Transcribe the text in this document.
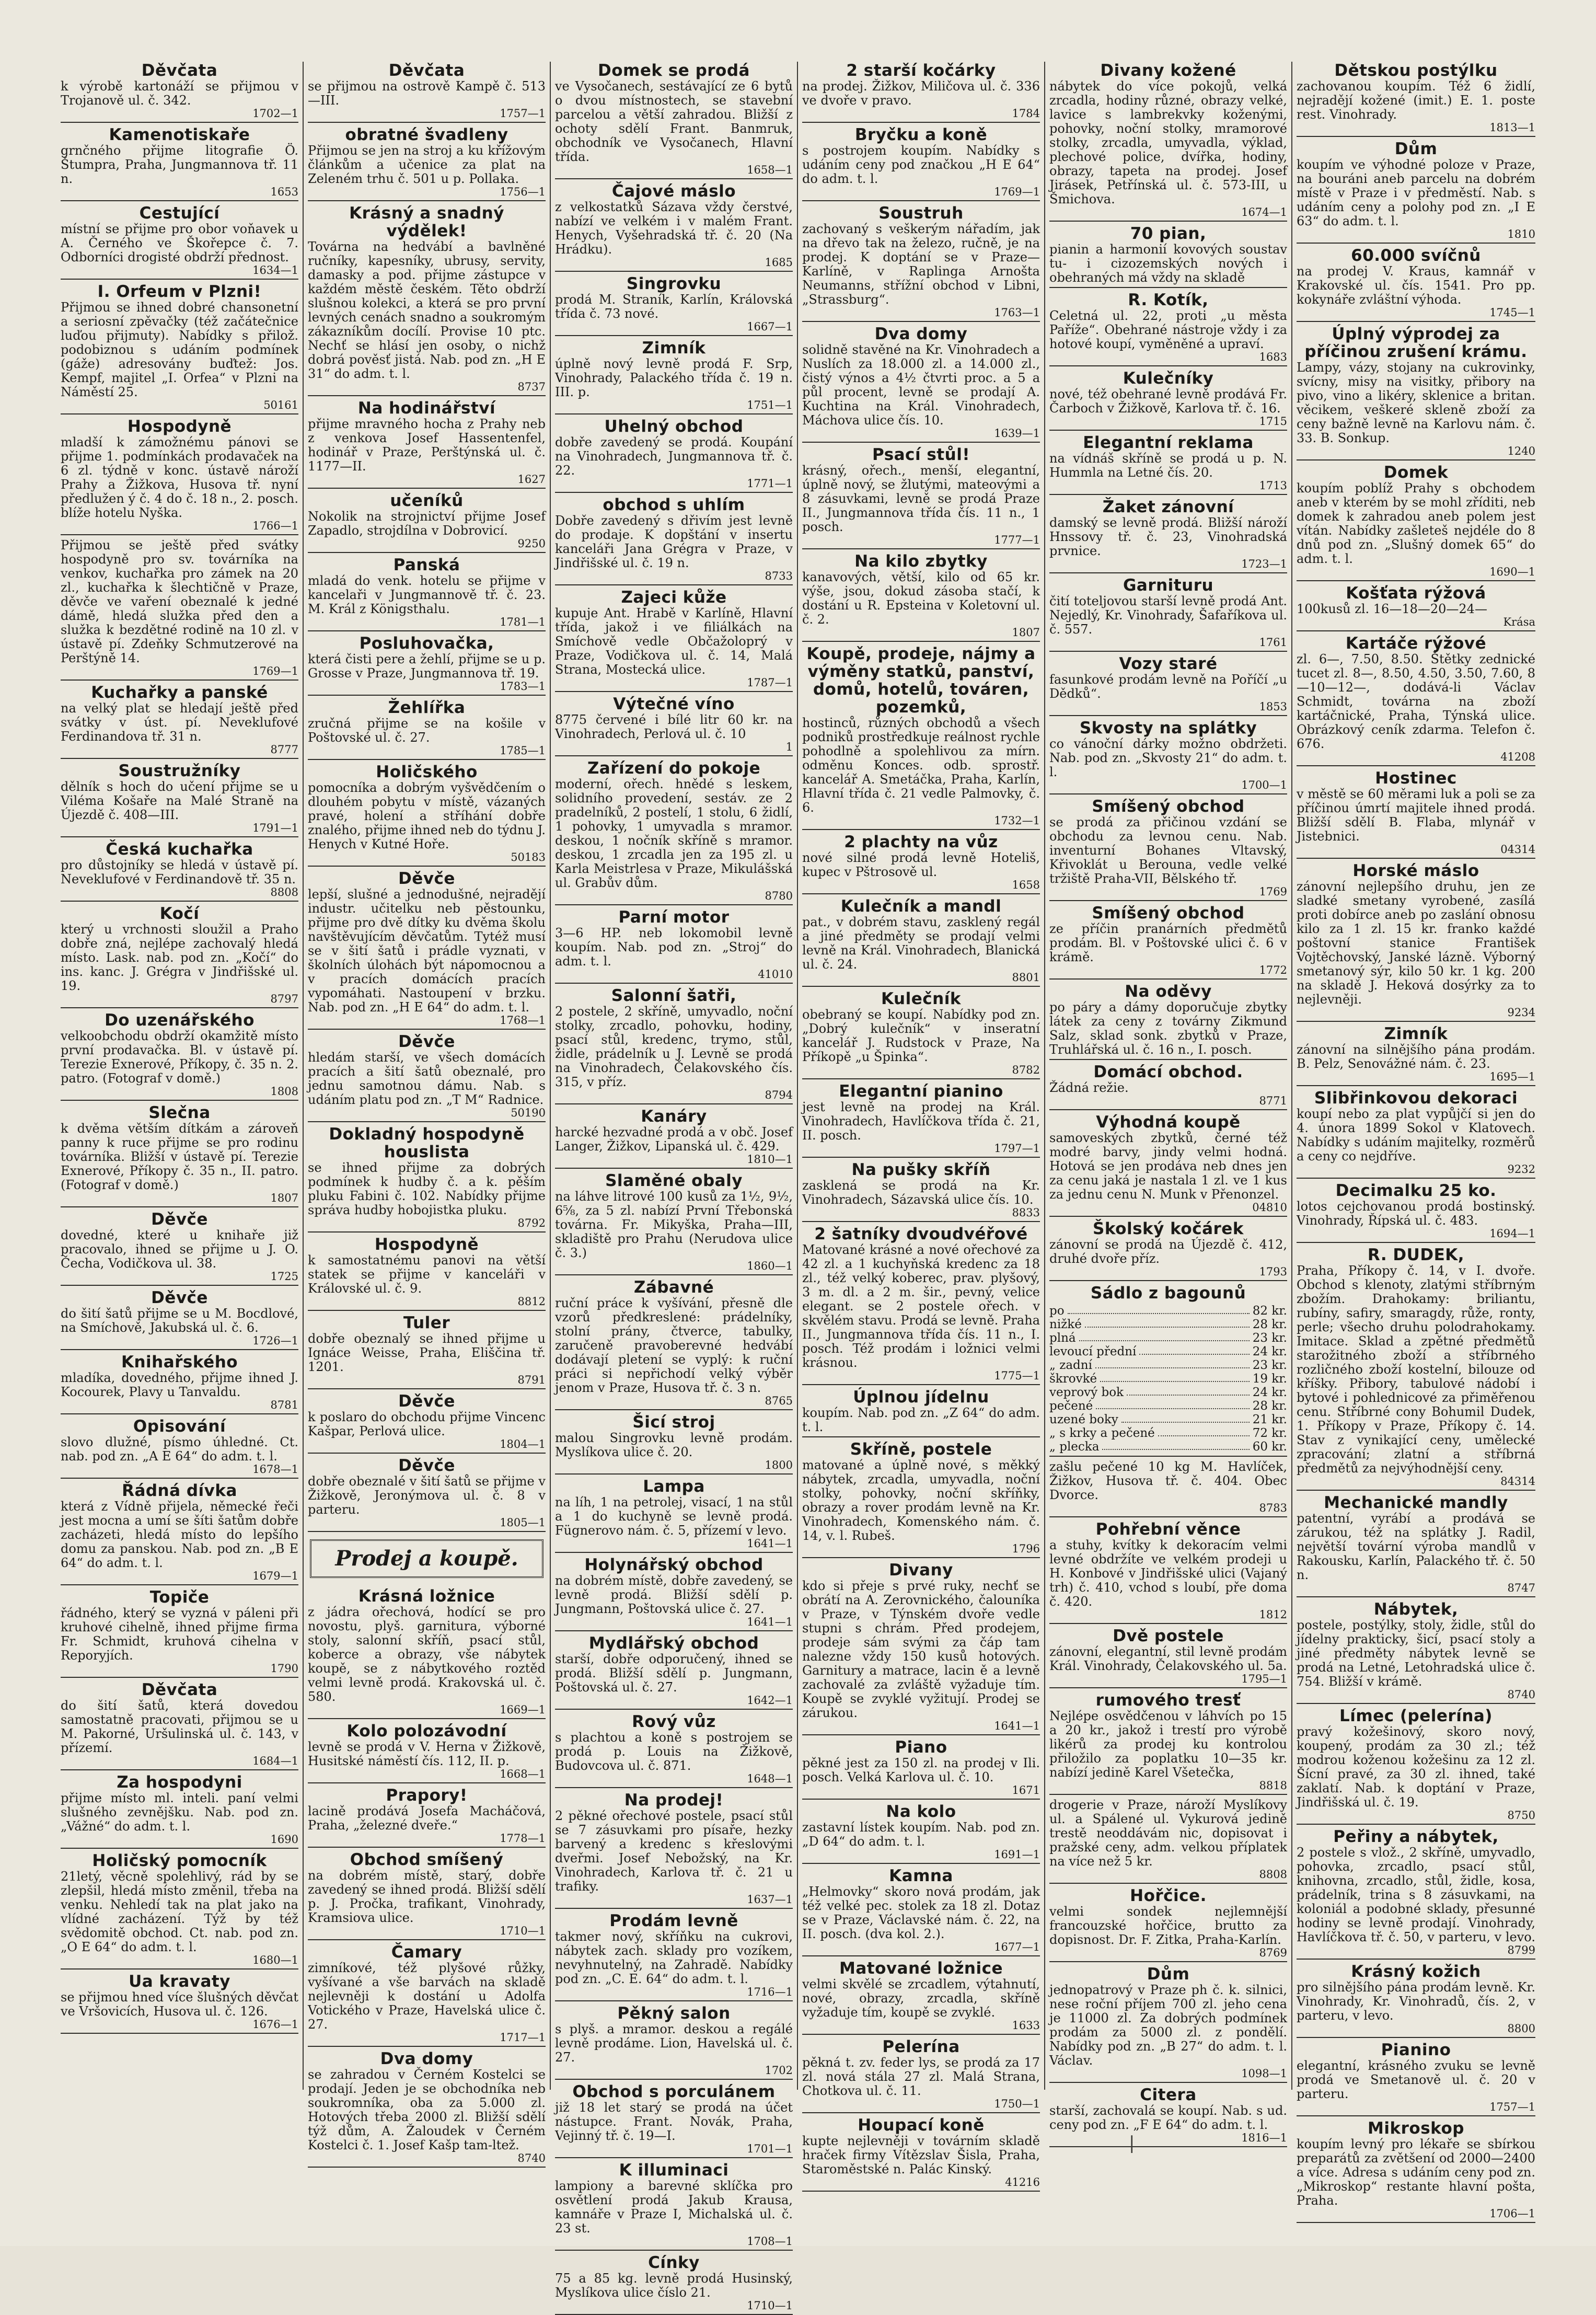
Děvčata
k výrobě kartonáží se přijmou v Trojanově ul. č. 342.
1702—1
Kamenotiskaře
grnčného přijme litografie Ö. Štumpra, Praha, Jungmannova tř. 11 n.
1653
Cestující
místní se přijme pro obor voňavek u A. Černého ve Škořepce č. 7. Odborníci drogisté obdrží přednost.
1634—1
I. Orfeum v Plzni!
Přijmou se ihned dobré chansonetní a seriosní zpěvačky (též začátečnice luďou přijmuty). Nabídky s přilož. podobiznou s udáním podmínek (gáže) adresovány buďtež: Jos. Kempf, majitel „I. Orfea“ v Plzni na Náměstí 25.
50161
Hospodyně
mladší k zámožnému pánovi se přijme 1. podmínkách prodavaček na 6 zl. týdně v konc. ústavě nároží Prahy a Žižkova, Husova tř. nyní předlužen ý č. 4 do č. 18 n., 2. posch. blíže hotelu Nyška.
1766—1
Přijmou se ještě před svátky hospodyně pro sv. továrníka na venkov, kuchařka pro zámek na 20 zl., kuchařka k šlechtičně v Praze, děvče ve vaření obeznalé k jedné dámě, hledá služka před den a služka k bezdětné rodině na 10 zl. v ústavě pí. Zdeňky Schmutzerové na Perštýně 14.
1769—1
Kuchařky a panské
na velký plat se hledají ještě před svátky v úst. pí. Neveklufové Ferdinandova tř. 31 n.
8777
Soustružníky
dělník s hoch do učení přijme se u Viléma Košaře na Malé Straně na Újezdě č. 408—III.
1791—1
Česká kuchařka
pro důstojníky se hledá v ústavě pí. Neveklufové v Ferdinandově tř. 35 n.
8808
Kočí
který u vrchnosti sloužil a Praho dobře zná, nejlépe zachovalý hledá místo. Lask. nab. pod zn. „Kočí“ do ins. kanc. J. Grégra v Jindřišské ul. 19.
8797
Do uzenářského
velkoobchodu obdrží okamžitě místo první prodavačka. Bl. v ústavě pí. Terezie Exnerové, Příkopy, č. 35 n. 2. patro. (Fotograf v domě.)
1808
Slečna
k dvěma větším dítkám a zároveň panny k ruce přijme se pro rodinu továrníka. Bližší v ústavě pí. Terezie Exnerové, Příkopy č. 35 n., II. patro. (Fotograf v domě.)
1807
Děvče
dovedné, které u knihaře již pracovalo, ihned se přijme u J. O. Čecha, Vodičkova ul. 38.
1725
Děvče
do šití šatů přijme se u M. Bocdlové, na Smíchově, Jakubská ul. č. 6.
1726—1
Knihařského
mladíka, dovedného, přijme ihned J. Kocourek, Plavy u Tanvaldu.
8781
Opisování
slovo dlužné, písmo úhledné. Ct. nab. pod zn. „A E 64“ do adm. t. l.
1678—1
Řádná dívka
která z Vídně přijela, německé řeči jest mocna a umí se šíti šatům dobře zacházeti, hledá místo do lepšího domu za panskou. Nab. pod zn. „B E 64“ do adm. t. l.
1679—1
Topiče
řádného, který se vyzná v páleni při kruhové cihelně, ihned přijme firma Fr. Schmidt, kruhová cihelna v Reporyjích.
1790
Děvčata
do šití šatů, která dovedou samostatně pracovati, přijmou se u M. Pakorné, Uršulinská ul. č. 143, v přízemí.
1684—1
Za hospodyni
přijme místo ml. inteli. paní velmi slušného zevnějšku. Nab. pod zn. „Vážné“ do adm. t. l.
1690
Holičský pomocník
21letý, věcně spolehlivý, rád by se zlepšil, hledá místo změnil, třeba na venku. Nehledí tak na plat jako na vlídné zacházení. Týž by též svědomitě obchod. Ct. nab. pod zn. „O E 64“ do adm. t. l.
1680—1
Ua kravaty
se přijmou hned více šlušných děvčat ve Vršovicích, Husova ul. č. 126.
1676—1
Děvčata
se přijmou na ostrově Kampě č. 513—III.
1757—1
obratné švadleny
Přijmou se jen na stroj a ku křížovým článkům a učenice za plat na Zeleném trhu č. 501 u p. Pollaka.
1756—1
Krásný a snadný výdělek!
Továrna na hedvábí a bavlněné ručníky, kapesníky, ubrusy, servity, damasky a pod. přijme zástupce v každém městě českém. Těto obdrží slušnou kolekci, a která se pro první levných cenách snadno a soukromým zákazníkům docílí. Provise 10 ptc. Nechť se hlásí jen osoby, o nichž dobrá pověsť jistá. Nab. pod zn. „H E 31“ do adm. t. l.
8737
Na hodinářství
přijme mravného hocha z Prahy neb z venkova Josef Hassentenfel, hodinář v Praze, Perštýnská ul. č. 1177—II.
1627
učeníků
Nokolik na strojnictví přijme Josef Zapadlo, strojdílna v Dobrovicí.
9250
Panská
mladá do venk. hotelu se přijme v kancelaři v Jungmannově tř. č. 23. M. Král z Königsthalu.
1781—1
Posluhovačka,
která čisti pere a žehlí, přijme se u p. Grosse v Praze, Jungmannova tř. 19.
1783—1
Žehlířka
zručná přijme se na košile v Poštovské ul. č. 27.
1785—1
Holičského
pomocníka a dobrým vyšvědčením o dlouhém pobytu v místě, vázaných pravé, holení a stříhání dobře znalého, přijme ihned neb do týdnu J. Henych v Kutné Hoře.
50183
Děvče
lepší, slušné a jednodušné, nejradějí industr. učitelku neb pěstounku, přijme pro dvě dítky ku dvěma školu navštěvujícím děvčatům. Tytéž musí se v šití šatů i prádle vyznati, v školních úlohách být nápomocnou a v pracích domácích pracích vypomáhati. Nastoupení v brzku. Nab. pod zn. „H E 64“ do adm. t. l.
1768—1
Děvče
hledám starší, ve všech domácích pracích a šití šatů obeznalé, pro jednu samotnou dámu. Nab. s udáním platu pod zn. „T M“ Radnice.
50190
Dokladný hospodyně houslista
se ihned přijme za dobrých podmínek k hudby č. a k. pěším pluku Fabini č. 102. Nabídky přijme správa hudby hobojistka pluku.
8792
Hospodyně
k samostatnému panovi na větší statek se přijme v kanceláři v Královské ul. č. 9.
8812
Tuler
dobře obeznalý se ihned přijme u Ignáce Weisse, Praha, Eliščina tř. 1201.
8791
Děvče
k poslaro do obchodu přijme Vincenc Kašpar, Perlová ulice.
1804—1
Děvče
dobře obeznalé v šití šatů se přijme v Žižkově, Jeronýmova ul. č. 8 v parteru.
1805—1
Prodej a koupě.
Krásná ložnice
z jádra ořechová, hodící se pro novostu, plyš. garnitura, výborné stoly, salonní skříň, psací stůl, koberce a obrazy, vše nábytek koupě, se z nábytkového roztěd velmi levně prodá. Krakovská ul. č. 580.
1669—1
Kolo polozávodní
levně se prodá v V. Herna v Žižkově, Husitské náměstí čís. 112, II. p.
1668—1
Prapory!
lacině prodává Josefa Macháčová, Praha, „železné dveře.“
1778—1
Obchod smíšený
na dobrém místě, starý, dobře zavedený se ihned prodá. Bližší sdělí p. J. Pročka, trafikant, Vinohrady, Kramsiova ulice.
1710—1
Čamary
zimníkové, též plyšové růžky, vyšívané a vše barvách na skladě nejlevněji k dostání u Adolfa Votického v Praze, Havelská ulice č. 27.
1717—1
Dva domy
se zahradou v Černém Kostelci se prodají. Jeden je se obchodníka neb soukromníka, oba za 5.000 zl. Hotových třeba 2000 zl. Bližší sdělí týž dům, A. Žaloudek v Černém Kostelci č. 1. Josef Kašp tam-ltež.
8740
Domek se prodá
ve Vysočanech, sestávající ze 6 bytů o dvou místnostech, se stavební parcelou a větší zahradou. Bližší z ochoty sdělí Frant. Banmruk, obchodník ve Vysočanech, Hlavní třída.
1658—1
Čajové máslo
z velkostatků Sázava vždy čerstvé, nabízí ve velkém i v malém Frant. Henych, Vyšehradská tř. č. 20 (Na Hrádku).
1685
Singrovku
prodá M. Straník, Karlín, Královská třída č. 73 nové.
1667—1
Zimník
úplně nový levně prodá F. Srp, Vinohrady, Palackého třída č. 19 n. III. p.
1751—1
Uhelný obchod
dobře zavedený se prodá. Koupání na Vinohradech, Jungmannova tř. č. 22.
1771—1
obchod s uhlím
Dobře zavedený s dřivím jest levně do prodaje. K dopštání v insertu kanceláři Jana Grégra v Praze, v Jindřišské ul. č. 19 n.
8733
Zajeci kůže
kupuje Ant. Hrabě v Karlíně, Hlavní třída, jakož i ve filiálkách na Smíchově vedle Občažoloprý v Praze, Vodičkova ul. č. 14, Malá Strana, Mostecká ulice.
1787—1
Výtečné víno
8775 červené i bílé litr 60 kr. na Vinohradech, Perlová ul. č. 10
1
Zařízení do pokoje
moderní, ořech. hnědé s leskem, solidního provedení, sestáv. ze 2 pradelníků, 2 postelí, 1 stolu, 6 židlí, 1 pohovky, 1 umyvadla s mramor. deskou, 1 nočník skříně s mramor. deskou, 1 zrcadla jen za 195 zl. u Karla Meistrlesa v Praze, Mikulášská ul. Grabův dům.
8780
Parní motor
3—6 HP. neb lokomobil levně koupím. Nab. pod zn. „Stroj“ do adm. t. l.
41010
Salonní šatři,
2 postele, 2 skříně, umyvadlo, noční stolky, zrcadlo, pohovku, hodiny, psací stůl, kredenc, trymo, stůl, židle, prádelník u J. Levně se prodá na Vinohradech, Čelakovského čís. 315, v příz.
8794
Kanáry
harcké hezvadné prodá a v obč. Josef Langer, Žižkov, Lipanská ul. č. 429.
1810—1
Slaměné obaly
na láhve litrové 100 kusů za 1½, 9½, 6⅝, za 5 zl. nabízí První Třebonská továrna. Fr. Mikyška, Praha—III, skladiště pro Prahu (Nerudova ulice č. 3.)
1860—1
Zábavné
ruční práce k vyšívání, přesně dle vzorů předkreslené: prádelníky, stolní prány, čtverce, tabulky, zaručeně pravoberevné hedvábí dodávají pletení se vyplý: k ruční práci si nepřichodí velký výběr jenom v Praze, Husova tř. č. 3 n.
8765
Šicí stroj
malou Singrovku levně prodám. Myslíkova ulice č. 20.
1800
Lampa
na líh, 1 na petrolej, visací, 1 na stůl a 1 do kuchyně se levně prodá. Fügnerovo nám. č. 5, přízemí v levo.
1641—1
Holynářský obchod
na dobrém místě, dobře zavedený, se levně prodá. Bližší sdělí p. Jungmann, Poštovská ulice č. 27.
1641—1
Mydlářský obchod
starší, dobře odporučený, ihned se prodá. Bližší sdělí p. Jungmann, Poštovská ul. č. 27.
1642—1
Rový vůz
s plachtou a koně s postrojem se prodá p. Louis na Žižkově, Budovcova ul. č. 871.
1648—1
Na prodej!
2 pěkné ořechové postele, psací stůl se 7 zásuvkami pro písaře, hezky barvený a kredenc s křeslovými dveřmi. Josef Nebožský, na Kr. Vinohradech, Karlova tř. č. 21 u trafiky.
1637—1
Prodám levně
takmer nový, skříňku na cukrovi, nábytek zach. sklady pro vozíkem, nevyhnutelný, na Zahradě. Nabídky pod zn. „C. E. 64“ do adm. t. l.
1716—1
Pěkný salon
s plyš. a mramor. deskou a regálé levně prodáme. Lion, Havelská ul. č. 27.
1702
Obchod s porculánem
již 18 let starý se prodá na účet nástupce. Frant. Novák, Praha, Vejinný tř. č. 19—I.
1701—1
K illuminaci
lampiony a barevné sklíčka pro osvětlení prodá Jakub Krausa, kamnáře v Praze I, Michalská ul. č. 23 st.
1708—1
Cínky
75 a 85 kg. levně prodá Husinský, Myslíkova ulice číslo 21.
1710—1
2 starší kočárky
na prodej. Žižkov, Miličova ul. č. 336 ve dvoře v pravo.
1784
Bryčku a koně
s postrojem koupím. Nabídky s udáním ceny pod značkou „H E 64“ do adm. t. l.
1769—1
Soustruh
zachovaný s veškerým nářadím, jak na dřevo tak na železo, ručně, je na prodej. K doptání se v Praze—Karlíně, v Raplinga Arnošta Neumanns, střížní obchod v Libni, „Strassburg“.
1763—1
Dva domy
solidně stavěné na Kr. Vinohradech a Nuslích za 18.000 zl. a 14.000 zl., čistý výnos a 4½ čtvrti proc. a 5 a půl procent, levně se prodají A. Kuchtina na Král. Vinohradech, Máchova ulice čís. 10.
1639—1
Psací stůl!
krásný, ořech., menší, elegantní, úplně nový, se žlutými, mateovými a 8 zásuvkami, levně se prodá Praze II., Jungmannova třída čís. 11 n., 1 posch.
1777—1
Na kilo zbytky
kanavových, větší, kilo od 65 kr. výše, jsou, dokud zásoba stačí, k dostání u R. Epsteina v Koletovní ul. č. 2.
1807
Koupě, prodeje, nájmy a výměny statků, panství, domů, hotelů, továren, pozemků,
hostinců, různých obchodů a všech podniků prostředkuje reálnost rychle pohodlně a spolehlivou za mírn. odměnu Konces. odb. sprostř. kancelář A. Smetáčka, Praha, Karlín, Hlavní třída č. 21 vedle Palmovky, č. 6.
1732—1
2 plachty na vůz
nové silné prodá levně Hoteliš, kupec v Pštrosově ul.
1658
Kulečník a mandl
pat., v dobrém stavu, zasklený regál a jiné předměty se prodají velmi levně na Král. Vinohradech, Blanická ul. č. 24.
8801
Kulečník
obebraný se koupí. Nabídky pod zn. „Dobrý kulečník“ v inseratní kancelář J. Rudstock v Praze, Na Příkopě „u Špinka“.
8782
Elegantní pianino
jest levně na prodej na Král. Vinohradech, Havlíčkova třída č. 21, II. posch.
1797—1
Na pušky skříň
zasklená se prodá na Kr. Vinohradech, Sázavská ulice čís. 10.
8833
2 šatníky dvoudvéřové
Matované krásné a nové ořechové za 42 zl. a 1 kuchyňská kredenc za 18 zl., též velký koberec, prav. plyšový, 3 m. dl. a 2 m. šir., pevný, velice elegant. se 2 postele ořech. v skvělém stavu. Prodá se levně. Praha II., Jungmannova třída čís. 11 n., I. posch. Též prodám i ložnici velmi krásnou.
1775—1
Úplnou jídelnu
koupím. Nab. pod zn. „Z 64“ do adm. t. l.
Skříně, postele
matované a úplně nové, s měkký nábytek, zrcadla, umyvadla, noční stolky, pohovky, noční skříňky, obrazy a rover prodám levně na Kr. Vinohradech, Komenského nám. č. 14, v. l. Rubeš.
1796
Divany
kdo si přeje s prvé ruky, nechť se obrátí na A. Zerovnického, čalouníka v Praze, v Týnském dvoře vedle stupni s chrám. Před prodejem, prodeje sám svými za čáp tam nalezne vždy 150 kusů hotových. Garnitury a matrace, lacin ě a levně zachovalé za zvláště vyžaduje tím. Koupě se zvyklé vyžitují. Prodej se zárukou.
1641—1
Piano
pěkné jest za 150 zl. na prodej v Ili. posch. Velká Karlova ul. č. 10.
1671
Na kolo
zastavní lístek koupím. Nab. pod zn. „D 64“ do adm. t. l.
1691—1
Kamna
„Helmovky“ skoro nová prodám, jak též velké pec. stolek za 18 zl. Dotaz se v Praze, Václavské nám. č. 22, na II. posch. (dva kol. 2.).
1677—1
Matované ložnice
velmi skvělé se zrcadlem, výtahnutí, nové, obrazy, zrcadla, skříně vyžaduje tím, koupě se zvyklé.
1633
Pelerína
pěkná t. zv. feder lys, se prodá za 17 zl. nová stála 27 zl. Malá Strana, Chotkova ul. č. 11.
1750—1
Houpací koně
kupte nejlevněji v továrním skladě hraček firmy Vítězslav Šisla, Praha, Staroměstské n. Palác Kinský.
41216
Divany kožené
nábytek do více pokojů, velká zrcadla, hodiny různé, obrazy velké, lavice s lambrekvky koženými, pohovky, noční stolky, mramorové stolky, zrcadla, umyvadla, výklad, plechové police, dvířka, hodiny, obrazy, tapeta na prodej. Josef Jirásek, Petřínská ul. č. 573-III, u Šmichova.
1674—1
70 pian,
pianin a harmonií kovových soustav tu- i cizozemských nových i obehraných má vždy na skladě
R. Kotík,
Celetná ul. 22, proti „u města Paříže“. Obehrané nástroje vždy i za hotové koupí, vyměněné a upraví.
1683
Kulečníky
nové, též obehrané levně prodává Fr. Čarboch v Žižkově, Karlova tř. č. 16.
1715
Elegantní reklama
na vídnáš skříně se prodá u p. N. Hummla na Letné čís. 20.
1713
Žaket zánovní
damský se levně prodá. Bližší nároží Hnssovy tř. č. 23, Vinohradská prvnice.
1723—1
Garnituru
čití toteljovou starší levně prodá Ant. Nejedlý, Kr. Vinohrady, Šafaříkova ul. č. 557.
1761
Vozy staré
fasunkové prodám levně na Poříčí „u Dědků“.
1853
Skvosty na splátky
co vánoční dárky možno obdržeti. Nab. pod zn. „Skvosty 21“ do adm. t. l.
1700—1
Smíšený obchod
se prodá za přičinou vzdání se obchodu za levnou cenu. Nab. inventurní Bohanes Vltavský, Křivoklát u Berouna, vedle velké tržiště Praha-VII, Bělského tř.
1769
Smíšený obchod
ze příčin pranárních předmětů prodám. Bl. v Poštovské ulici č. 6 v krámě.
1772
Na oděvy
po páry a dámy doporučuje zbytky látek za ceny z továrny Zikmund Salz, sklad sonk. zbytků v Praze, Truhlářská ul. č. 16 n., I. posch.
Domácí obchod.
Žádná režie.
8771
Výhodná koupě
samoveských zbytků, černé též modré barvy, jindy velmi hodná. Hotová se jen prodáva neb dnes jen za cenu jaká je nastala 1 zl. ve 1 kus za jednu cenu N. Munk v Přenonzel.
04810
Školský kočárek
zánovní se prodá na Újezdě č. 412, druhé dvoře příz.
1793
Sádlo z bagounů
po	82 kr.
nižké	28 kr.
plná	23 kr.
levoucí přední	24 kr.
„ zadní	23 kr.
škrovké	19 kr.
veprový bok	24 kr.
pečené	28 kr.
uzené boky	21 kr.
„ s krky a pečené	72 kr.
„ plecka	60 kr.
zašlu pečené 10 kg M. Havlíček, Žižkov, Husova tř. č. 404. Obec Dvorce.
8783
Pohřební věnce
a stuhy, kvítky k dekoracím velmi levné obdržíte ve velkém prodeji u H. Konbové v Jindřišské ulici (Vajaný trh) č. 410, vchod s loubí, pře doma č. 420.
1812
Dvě postele
zánovní, elegantní, stil levně prodám Král. Vinohrady, Čelakovského ul. 5a.
1795—1
rumového tresť
Nejlépe osvědčenou v láhvích po 15 a 20 kr., jakož i trestí pro výrobě likérů za prodej ku kontrolou přiložilo za poplatku 10—35 kr. nabízí jedině Karel Všetečka,
8818
drogerie v Praze, nároží Myslíkovy ul. a Spálené ul. Vykurová jedině trestě neoddávám nic, dopisovat i pražské ceny, adm. velkou příplatek na více než 5 kr.
8808
Hořčice.
velmi sondek nejlemnější francouzské hořčice, brutto za dopisnost. Dr. F. Zitka, Praha-Karlín.
8769
Dům
jednopatrový v Praze ph č. k. silnici, nese roční příjem 700 zl. jeho cena je 11000 zl. Za dobrých podmínek prodám za 5000 zl. z pondělí. Nabídky pod zn. „B 27“ do adm. t. l. Václav.
1098—1
Citera
starší, zachovalá se koupí. Nab. s ud. ceny pod zn. „F E 64“ do adm. t. l.
1816—1
Dětskou postýlku
zachovanou koupím. Též 6 židlí, nejradějí kožené (imit.) E. 1. poste rest. Vinohrady.
1813—1
Dům
koupím ve výhodné poloze v Praze, na bouráni aneb parcelu na dobrém místě v Praze i v předměstí. Nab. s udáním ceny a polohy pod zn. „I E 63“ do adm. t. l.
1810
60.000 svíčnů
na prodej V. Kraus, kamnář v Krakovské ul. čís. 1541. Pro pp. kokynáře zvláštní výhoda.
1745—1
Úplný výprodej za příčinou zrušení krámu.
Lampy, vázy, stojany na cukrovinky, svícny, misy na visitky, přibory na pivo, vino a likéry, sklenice a britan. věcikem, veškeré skleně zboží za ceny bažně levně na Karlovu nám. č. 33. B. Sonkup.
1240
Domek
koupím poblíž Prahy s obchodem aneb v kterém by se mohl zříditi, neb domek k zahradou aneb polem jest vítán. Nabídky zašleteš nejdéle do 8 dnů pod zn. „Slušný domek 65“ do adm. t. l.
1690—1
Košťata rýžová
100kusů zl. 16—18—20—24—
Krása
Kartáče rýžové
zl. 6—, 7.50, 8.50. Štětky zednické tucet zl. 8—, 8.50, 4.50, 3.50, 7.60, 8—10—12—, dodává-li Václav Schmidt, továrna na zboží kartáčnické, Praha, Týnská ulice. Obrázkový ceník zdarma. Telefon č. 676.
41208
Hostinec
v městě se 60 měrami luk a poli se za příčinou úmrtí majitele ihned prodá. Bližší sdělí B. Flaba, mlynář v Jistebnici.
04314
Horské máslo
zánovní nejlepšího druhu, jen ze sladké smetany vyrobené, zasílá proti dobírce aneb po zaslání obnosu kilo za 1 zl. 15 kr. franko každé poštovní stanice František Vojtěchovský, Janské lázně. Výborný smetanový sýr, kilo 50 kr. 1 kg. 200 na skladě J. Heková dosýrky za to nejlevněji.
9234
Zimník
zánovní na silnějšího pána prodám. B. Pelz, Senovážné nám. č. 23.
1695—1
Slibřinkovou dekoraci
koupí nebo za plat vypůjčí si jen do 4. února 1899 Sokol v Klatovech. Nabídky s udáním majitelky, rozměrů a ceny co nejdříve.
9232
Decimalku 25 ko.
lotos cejchovanou prodá bostinský. Vinohrady, Řípská ul. č. 483.
1694—1
R. DUDEK,
Praha, Příkopy č. 14, v I. dvoře. Obchod s klenoty, zlatými stříbrným zbožím. Drahokamy: briliantu, rubíny, safiry, smaragdy, růže, ronty, perle; všecho druhu polodrahokamy. Imitace. Sklad a zpětné předmětů starožitného zboží a stříbrného rozličného zboží kostelní, bilouze od kříšky. Přibory, tabulové nádobí i bytové i pohlednicové za přiměřenou cenu. Stříbrné cony Bohumil Dudek, 1. Příkopy v Praze, Příkopy č. 14. Stav z vynikající ceny, umělecké zpracování; zlatní a stříbrná předmětů za nejvýhodnější ceny.
84314
Mechanické mandly
patentní, vyrábí a prodává se zárukou, též na splátky J. Radil, největší tovární výroba mandlů v Rakousku, Karlín, Palackého tř. č. 50 n.
8747
Nábytek,
postele, postýlky, stoly, židle, stůl do jídelny prakticky, šicí, psací stoly a jiné předměty nábytek levně se prodá na Letné, Letohradská ulice č. 754. Bližší v krámě.
8740
Límec (pelerína)
pravý kožešinový, skoro nový, koupený, prodám za 30 zl.; též modrou koženou kožešinu za 12 zl. Šícní pravé, za 30 zl. ihned, také zaklatí. Nab. k doptání v Praze, Jindřišská ul. č. 19.
8750
Peřiny a nábytek,
2 postele s vlož., 2 skříně, umyvadlo, pohovka, zrcadlo, psací stůl, knihovna, zrcadlo, stůl, židle, kosa, prádelník, trina s 8 zásuvkami, na koloniál a podobné sklady, přesunné hodiny se levně prodají. Vinohrady, Havlíčkova tř. č. 50, v parteru, v levo.
8799
Krásný kožich
pro silnějšího pána prodám levně. Kr. Vinohrady, Kr. Vinohradů, čís. 2, v parteru, v levo.
8800
Pianino
elegantní, krásného zvuku se levně prodá ve Smetanově ul. č. 20 v parteru.
1757—1
Mikroskop
koupím levný pro lékaře se sbírkou preparátů za zvětšení od 2000—2400 a více. Adresa s udáním ceny pod zn. „Mikroskop“ restante hlavní pošta, Praha.
1706—1
|
